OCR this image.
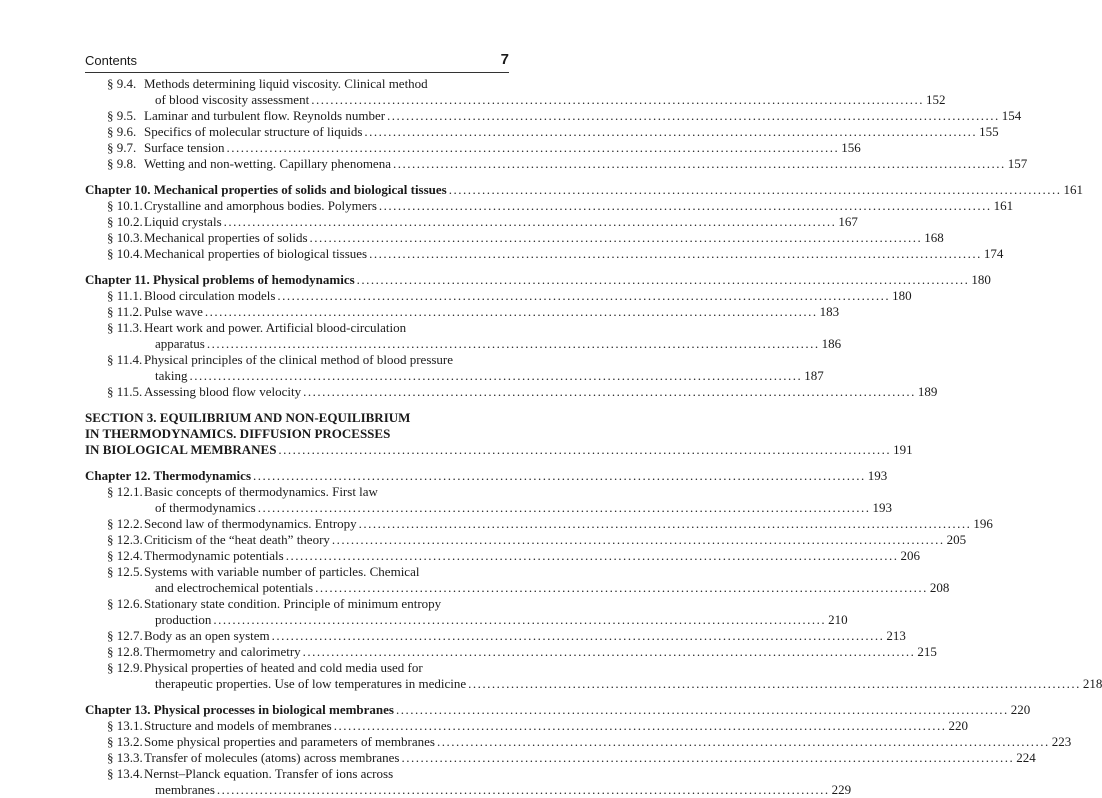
Contents	7
§ 9.4. Methods determining liquid viscosity. Clinical method
of blood viscosity assessment ................................................................................................................................. 152
§ 9.5. Laminar and turbulent flow. Reynolds number ................................................................................................................................. 154
§ 9.6. Specifics of molecular structure of liquids ................................................................................................................................. 155
§ 9.7. Surface tension ................................................................................................................................. 156
§ 9.8. Wetting and non-wetting. Capillary phenomena ................................................................................................................................. 157
Chapter 10. Mechanical properties of solids and biological tissues ................................................................................................................................. 161
§ 10.1. Crystalline and amorphous bodies. Polymers ................................................................................................................................. 161
§ 10.2. Liquid crystals ................................................................................................................................. 167
§ 10.3. Mechanical properties of solids ................................................................................................................................. 168
§ 10.4. Mechanical properties of biological tissues ................................................................................................................................. 174
Chapter 11. Physical problems of hemodynamics ................................................................................................................................. 180
§ 11.1. Blood circulation models ................................................................................................................................. 180
§ 11.2. Pulse wave ................................................................................................................................. 183
§ 11.3. Heart work and power. Artificial blood-circulation
apparatus ................................................................................................................................. 186
§ 11.4. Physical principles of the clinical method of blood pressure
taking ................................................................................................................................. 187
§ 11.5. Assessing blood flow velocity ................................................................................................................................. 189
SECTION 3. EQUILIBRIUM AND NON-EQUILIBRIUM
IN THERMODYNAMICS. DIFFUSION PROCESSES
IN BIOLOGICAL MEMBRANES ................................................................................................................................. 191
Chapter 12. Thermodynamics ................................................................................................................................. 193
§ 12.1. Basic concepts of thermodynamics. First law
of thermodynamics ................................................................................................................................. 193
§ 12.2. Second law of thermodynamics. Entropy ................................................................................................................................. 196
§ 12.3. Criticism of the “heat death” theory ................................................................................................................................. 205
§ 12.4. Thermodynamic potentials ................................................................................................................................. 206
§ 12.5. Systems with variable number of particles. Chemical
and electrochemical potentials ................................................................................................................................. 208
§ 12.6. Stationary state condition. Principle of minimum entropy
production ................................................................................................................................. 210
§ 12.7. Body as an open system ................................................................................................................................. 213
§ 12.8. Thermometry and calorimetry ................................................................................................................................. 215
§ 12.9. Physical properties of heated and cold media used for
therapeutic properties. Use of low temperatures in medicine ................................................................................................................................. 218
Chapter 13. Physical processes in biological membranes ................................................................................................................................. 220
§ 13.1. Structure and models of membranes ................................................................................................................................. 220
§ 13.2. Some physical properties and parameters of membranes ................................................................................................................................. 223
§ 13.3. Transfer of molecules (atoms) across membranes ................................................................................................................................. 224
§ 13.4. Nernst–Planck equation. Transfer of ions across
membranes ................................................................................................................................. 229
